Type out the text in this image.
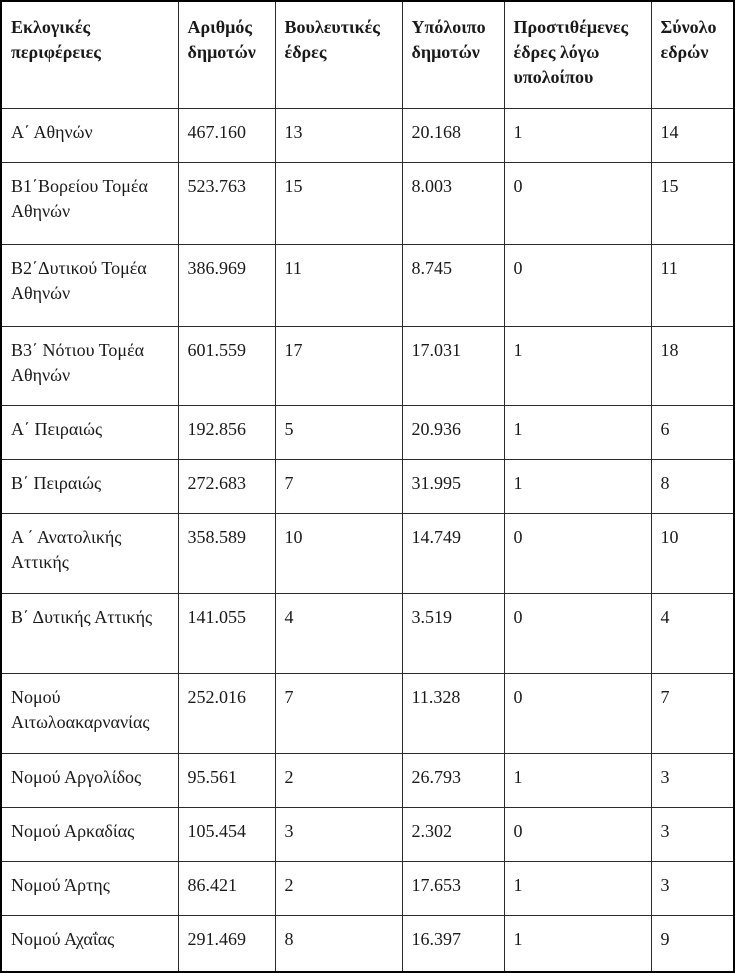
Εκλογικές περιφέρειες	Αριθμός δημοτών	Βουλευτικές έδρες	Υπόλοιπο δημοτών	Προστιθέμενες έδρες λόγω υπολοίπου	Σύνολο εδρών
Α΄ Αθηνών	467.160	13	20.168	1	14
Β1΄Βορείου Τομέα Αθηνών	523.763	15	8.003	0	15
Β2΄Δυτικού Τομέα Αθηνών	386.969	11	8.745	0	11
Β3΄ Νότιου Τομέα Αθηνών	601.559	17	17.031	1	18
Α΄ Πειραιώς	192.856	5	20.936	1	6
Β΄ Πειραιώς	272.683	7	31.995	1	8
Α ΄ Ανατολικής Αττικής	358.589	10	14.749	0	10
Β΄ Δυτικής Αττικής	141.055	4	3.519	0	4
Νομού Αιτωλοακαρνανίας	252.016	7	11.328	0	7
Νομού Αργολίδος	95.561	2	26.793	1	3
Νομού Αρκαδίας	105.454	3	2.302	0	3
Νομού Άρτης	86.421	2	17.653	1	3
Νομού Αχαΐας	291.469	8	16.397	1	9
